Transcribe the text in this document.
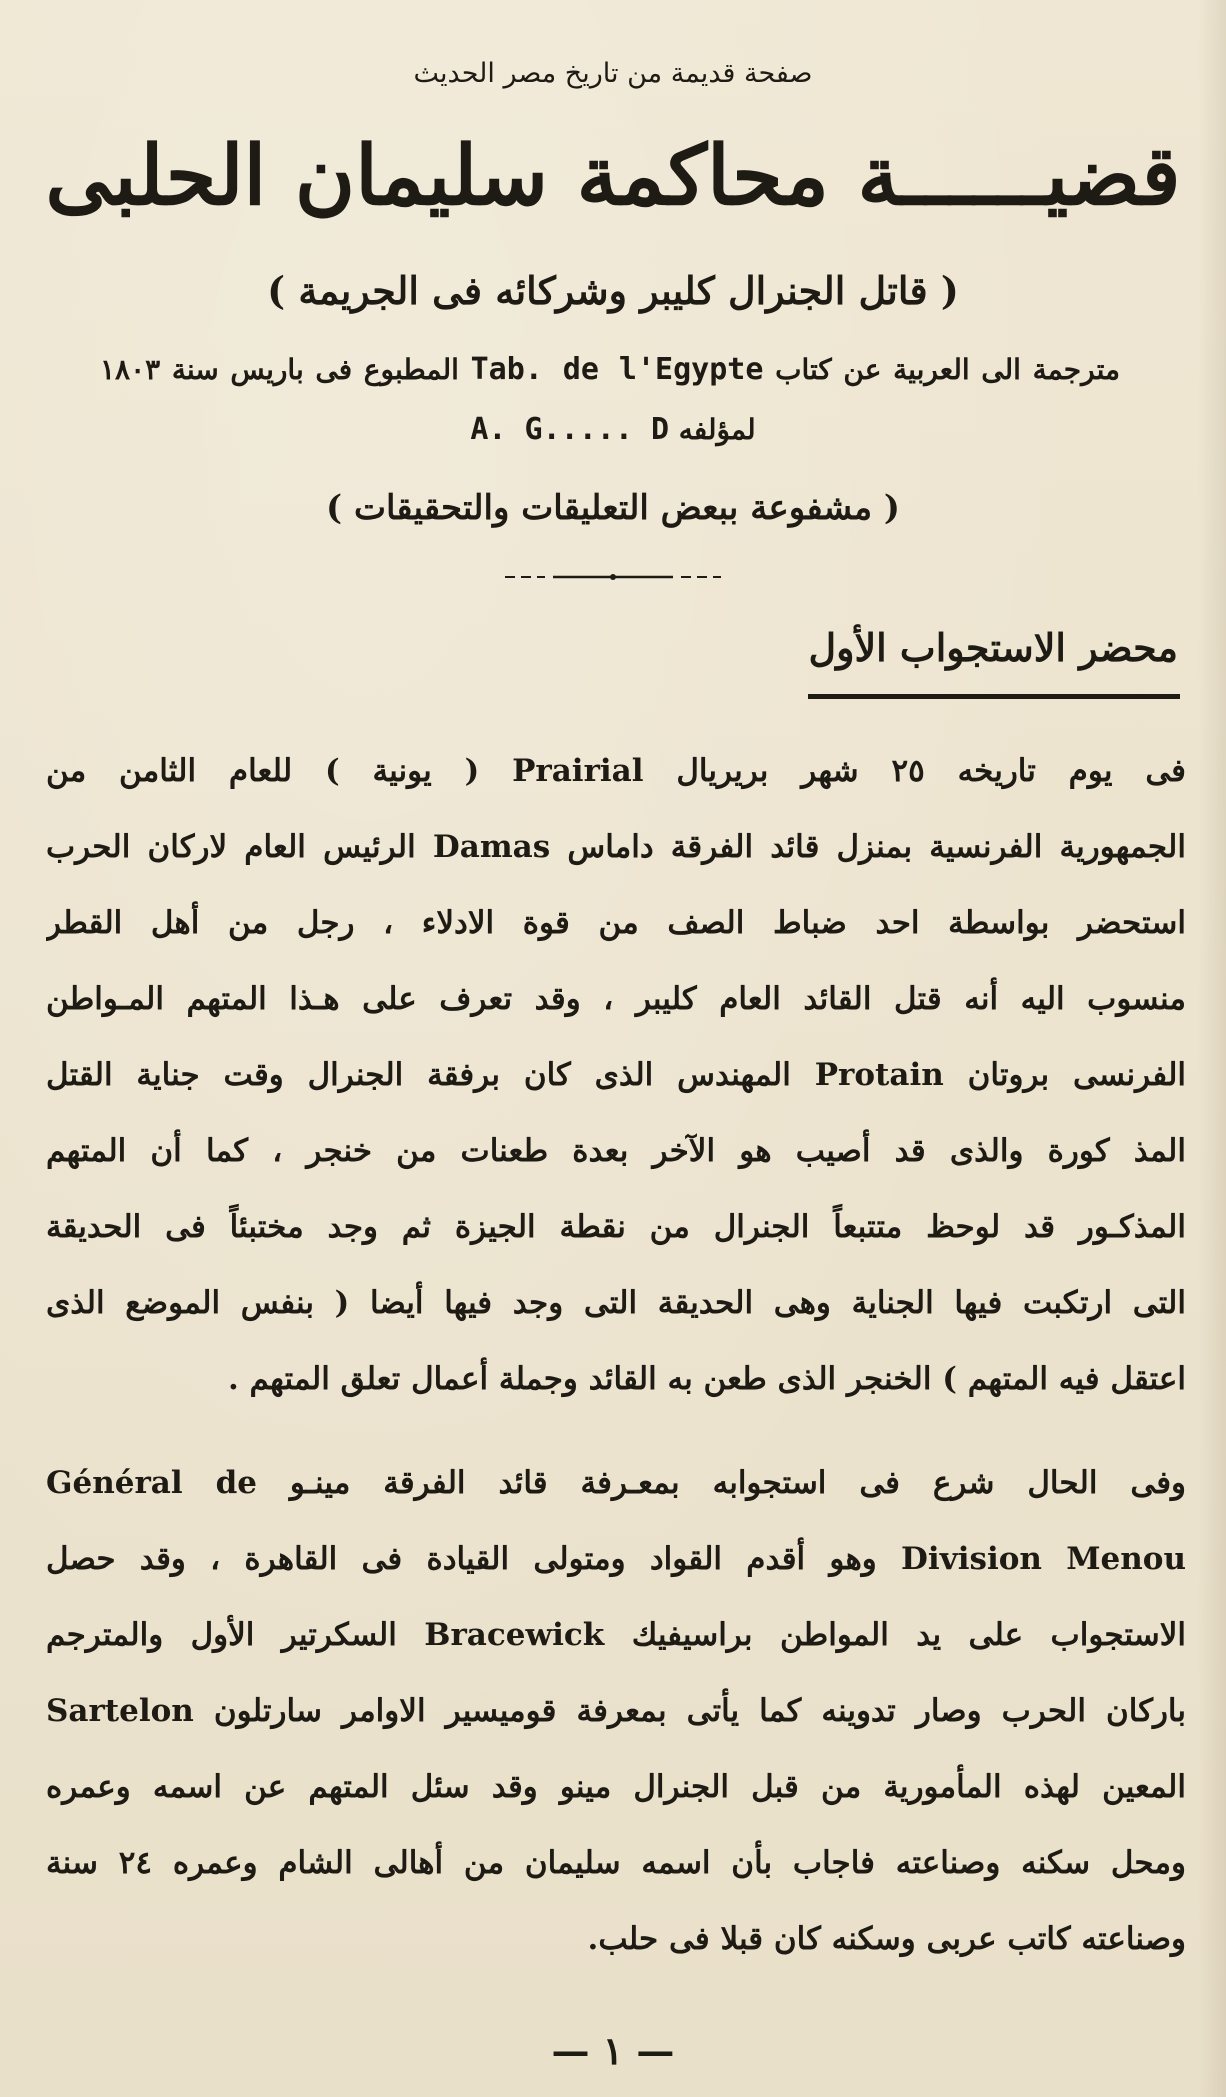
صفحة قديمة من تاريخ مصر الحديث
قضيــــــة محاكمة سليمان الحلبى
( قاتل الجنرال كليبر وشركائه فى الجريمة )
مترجمة الى العربية عن كتاب Tab. de l'Egypte المطبوع فى باريس سنة ١٨٠٣
لمؤلفه A. G..... D
( مشفوعة ببعض التعليقات والتحقيقات )
محضر الاستجواب الأول
فى يوم تاريخه ٢٥ شهر بريريال Prairial ( يونية ) للعام الثامن من
الجمهورية الفرنسية بمنزل قائد الفرقة داماس Damas الرئيس العام لاركان الحرب
استحضر بواسطة احد ضباط الصف من قوة الادلاء ، رجل من أهل القطر
منسوب اليه أنه قتل القائد العام كليبر ، وقد تعرف على هـذا المتهم المـواطن
الفرنسى بروتان Protain المهندس الذى كان برفقة الجنرال وقت جناية القتل
المذ كورة والذى قد أصيب هو الآخر بعدة طعنات من خنجر ، كما أن المتهم
المذكـور قد لوحظ متتبعاً الجنرال من نقطة الجيزة ثم وجد مختبئاً فى الحديقة
التى ارتكبت فيها الجناية وهى الحديقة التى وجد فيها أيضا ( بنفس الموضع الذى
اعتقل فيه المتهم ) الخنجر الذى طعن به القائد وجملة أعمال تعلق المتهم .
وفى الحال شرع فى استجوابه بمعـرفة قائد الفرقة مينـو Général de
Division Menou وهو أقدم القواد ومتولى القيادة فى القاهرة ، وقد حصل
الاستجواب على يد المواطن براسيفيك Bracewick السكرتير الأول والمترجم
باركان الحرب وصار تدوينه كما يأتى بمعرفة قوميسير الاوامر سارتلون Sartelon
المعين لهذه المأمورية من قبل الجنرال مينو وقد سئل المتهم عن اسمه وعمره
ومحل سكنه وصناعته فاجاب بأن اسمه سليمان من أهالى الشام وعمره ٢٤ سنة
وصناعته كاتب عربى وسكنه كان قبلا فى حلب.
— ١ —
